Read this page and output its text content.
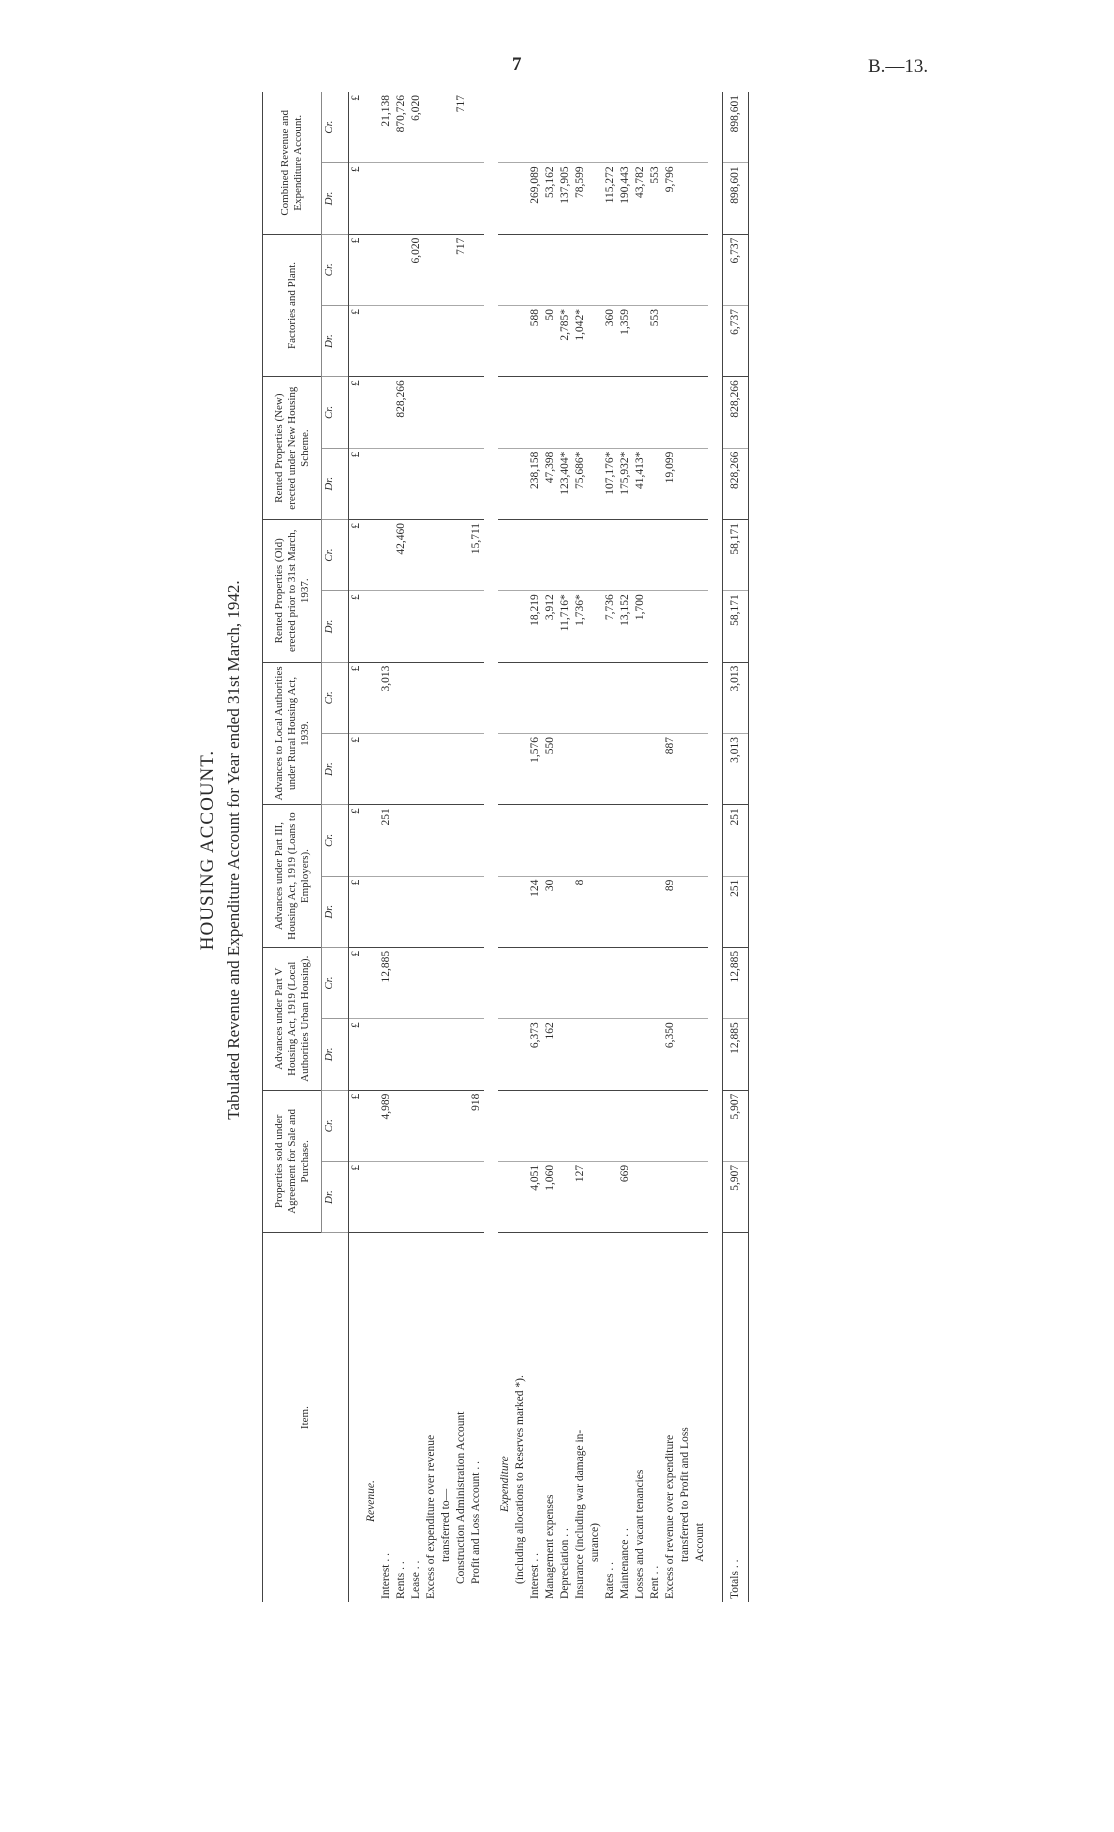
7	B.—13.
HOUSING ACCOUNT. Tabulated Revenue and Expenditure Account for Year ended 31st March, 1942.
Item.	Properties sold under Agreement for Sale and Purchase.		Advances under Part V Housing Act, 1919 (Local Authorities Urban Housing).		Advances under Part III, Housing Act, 1919 (Loans to Employers).		Advances to Local Authorities under Rural Housing Act, 1939.		Rented Properties (Old) erected prior to 31st March, 1937.		Rented Properties (New) erected under New Housing Scheme.		Factories and Plant.		Combined Revenue and Expenditure Account.	
	Dr.	Cr.	Dr.	Cr.	Dr.	Cr.	Dr.	Cr.	Dr.	Cr.	Dr.	Cr.	Dr.	Cr.	Dr.	Cr.
	£	£	£	£	£	£	£	£	£	£	£	£	£	£	£	£
Revenue.																
Interest . .		4,989		12,885		251		3,013								21,138
Rents . .										42,460		828,266				870,726
Lease . .														6,020		6,020
Excess of expenditure over revenue																
transferred to—																
Construction Administration Account														717		717
Profit and Loss Account . .		918								15,711						

Expenditure																
(including allocations to Reserves marked *).																
Interest . .	4,051		6,373		124		1,576		18,219		238,158		588		269,089	
Management expenses	1,060		162		30		550		3,912		47,398		50		53,162	
Depreciation . .									11,716*		123,404*		2,785*		137,905	
Insurance (including war damage in-	127				8				1,736*		75,686*		1,042*		78,599	
surance)																
Rates . .									7,736		107,176*		360		115,272	
Maintenance . .	669								13,152		175,932*		1,359		190,443	
Losses and vacant tenancies									1,700		41,413*				43,782	
Rent . .													553		553	
Excess of revenue over expenditure			6,350		89		887				19,099				9,796	
transferred to Profit and Loss																
Account																

Totals . .	5,907	5,907	12,885	12,885	251	251	3,013	3,013	58,171	58,171	828,266	828,266	6,737	6,737	898,601	898,601
